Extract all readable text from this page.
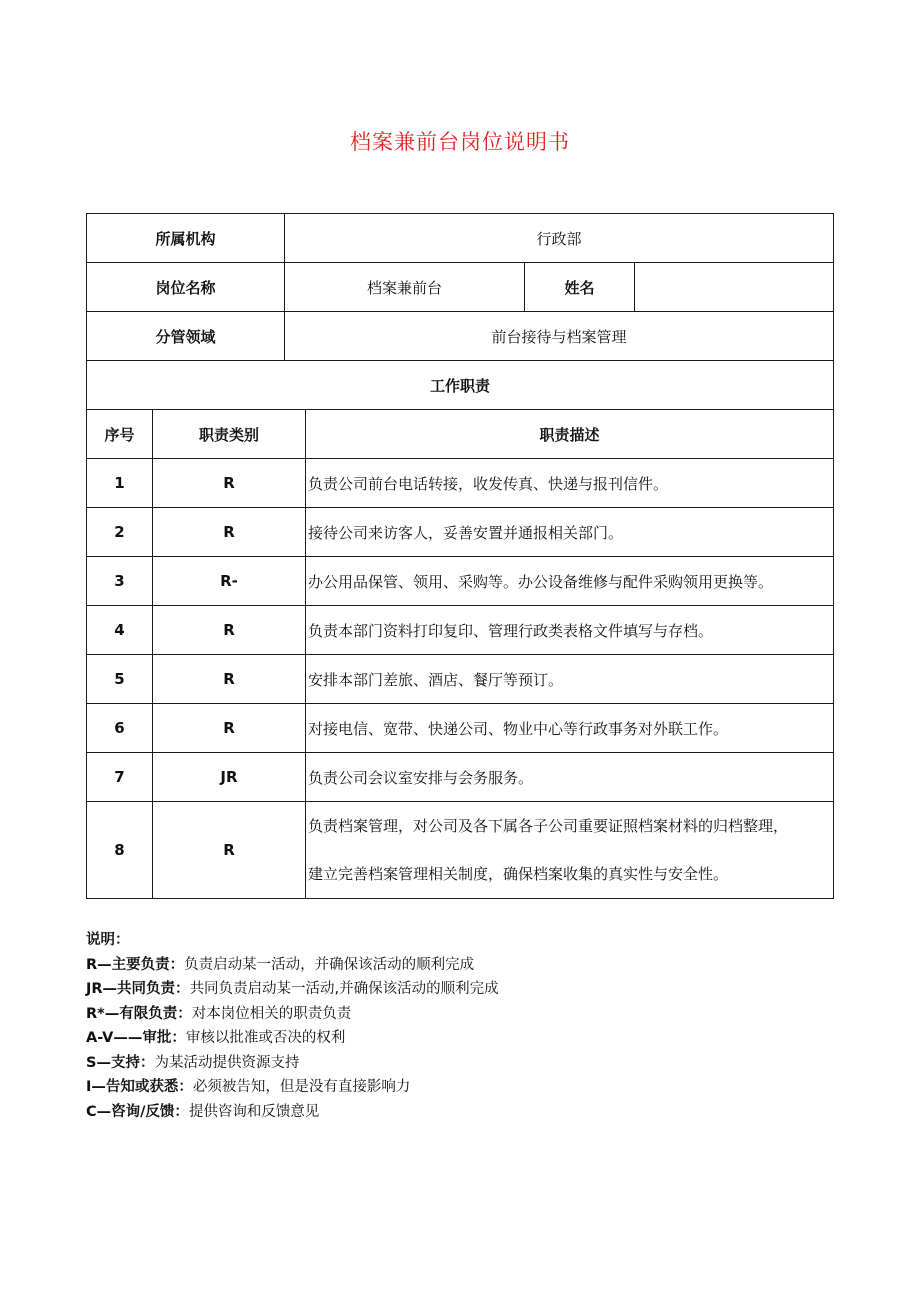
档案兼前台岗位说明书
所属机构	行政部		
岗位名称	档案兼前台	姓名	
分管领域	前台接待与档案管理		
工作职责			
序号	职责类别	职责描述
1	R	负责公司前台电话转接，收发传真、快递与报刊信件。
2	R	接待公司来访客人，妥善安置并通报相关部门。
3	R-	办公用品保管、领用、采购等。办公设备维修与配件采购领用更换等。
4	R	负责本部门资料打印复印、管理行政类表格文件填写与存档。
5	R	安排本部门差旅、酒店、餐厅等预订。
6	R	对接电信、宽带、快递公司、物业中心等行政事务对外联工作。
7	JR	负责公司会议室安排与会务服务。
8	R	负责档案管理，对公司及各下属各子公司重要证照档案材料的归档整理，
建立完善档案管理相关制度，确保档案收集的真实性与安全性。
说明：
R—主要负责：负责启动某一活动，并确保该活动的顺利完成
JR—共同负责：共同负责启动某一活动,并确保该活动的顺利完成
R*—有限负责：对本岗位相关的职责负责
A-V——审批：审核以批准或否决的权利
S—支持：为某活动提供资源支持
I—告知或获悉：必须被告知，但是没有直接影响力
C—咨询/反馈：提供咨询和反馈意见
